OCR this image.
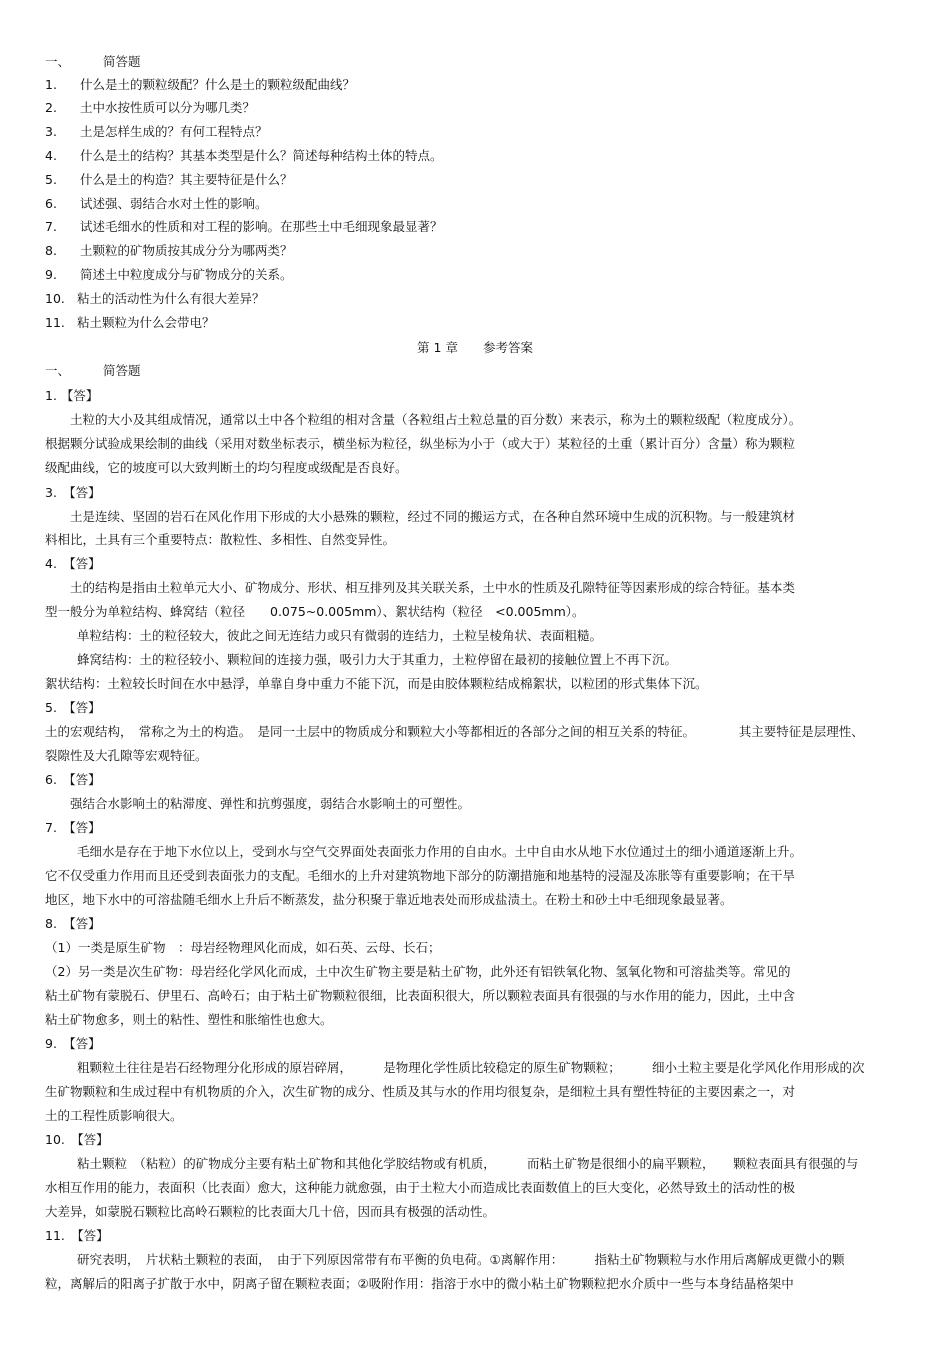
一、	简答题
1. 什么是土的颗粒级配？什么是土的颗粒级配曲线？
2. 土中水按性质可以分为哪几类？
3. 土是怎样生成的？有何工程特点？
4. 什么是土的结构？其基本类型是什么？简述每种结构土体的特点。
5. 什么是土的构造？其主要特征是什么？
6. 试述强、弱结合水对土性的影响。
7. 试述毛细水的性质和对工程的影响。在那些土中毛细现象最显著？
8. 土颗粒的矿物质按其成分分为哪两类？
9. 简述土中粒度成分与矿物成分的关系。
10. 粘土的活动性为什么有很大差异？
11. 粘土颗粒为什么会带电？
第 1 章　　参考答案
一、	简答题
1. 【答】
土粒的大小及其组成情况，通常以土中各个粒组的相对含量（各粒组占土粒总量的百分数）来表示，称为土的颗粒级配（粒度成分）。
根据颗分试验成果绘制的曲线（采用对数坐标表示，横坐标为粒径，纵坐标为小于（或大于）某粒径的土重（累计百分）含量）称为颗粒
级配曲线，它的坡度可以大致判断土的均匀程度或级配是否良好。
3.　【答】
土是连续、坚固的岩石在风化作用下形成的大小悬殊的颗粒，经过不同的搬运方式，在各种自然环境中生成的沉积物。与一般建筑材
料相比，土具有三个重要特点：散粒性、多相性、自然变异性。
4.　【答】
土的结构是指由土粒单元大小、矿物成分、形状、相互排列及其关联关系，土中水的性质及孔隙特征等因素形成的综合特征。基本类
型一般分为单粒结构、蜂窝结（粒径　　0.075~0.005mm）、絮状结构（粒径　<0.005mm）。
单粒结构：土的粒径较大，彼此之间无连结力或只有微弱的连结力，土粒呈棱角状、表面粗糙。
蜂窝结构：土的粒径较小、颗粒间的连接力强，吸引力大于其重力，土粒停留在最初的接触位置上不再下沉。
絮状结构：土粒较长时间在水中悬浮，单靠自身中重力不能下沉，而是由胶体颗粒结成棉絮状，以粒团的形式集体下沉。
5.　【答】
土的宏观结构，　常称之为土的构造。　是同一土层中的物质成分和颗粒大小等都相近的各部分之间的相互关系的特征。　　　　其主要特征是层理性、
裂隙性及大孔隙等宏观特征。
6.　【答】
强结合水影响土的粘滞度、弹性和抗剪强度，弱结合水影响土的可塑性。
7.　【答】
毛细水是存在于地下水位以上，受到水与空气交界面处表面张力作用的自由水。土中自由水从地下水位通过土的细小通道逐渐上升。
它不仅受重力作用而且还受到表面张力的支配。毛细水的上升对建筑物地下部分的防潮措施和地基特的浸湿及冻胀等有重要影响；在干旱
地区，地下水中的可溶盐随毛细水上升后不断蒸发，盐分积聚于靠近地表处而形成盐渍土。在粉土和砂土中毛细现象最显著。
8.　【答】
（1）一类是原生矿物　：母岩经物理风化而成，如石英、云母、长石；
（2）另一类是次生矿物：母岩经化学风化而成，土中次生矿物主要是粘土矿物，此外还有铝铁氧化物、氢氧化物和可溶盐类等。常见的
粘土矿物有蒙脱石、伊里石、高岭石；由于粘土矿物颗粒很细，比表面积很大，所以颗粒表面具有很强的与水作用的能力，因此，土中含
粘土矿物愈多，则土的粘性、塑性和胀缩性也愈大。
9.　【答】
粗颗粒土往往是岩石经物理分化形成的原岩碎屑，　　　是物理化学性质比较稳定的原生矿物颗粒；　　　细小土粒主要是化学风化作用形成的次
生矿物颗粒和生成过程中有机物质的介入，次生矿物的成分、性质及其与水的作用均很复杂，是细粒土具有塑性特征的主要因素之一，对
土的工程性质影响很大。
10.　【答】
粘土颗粒　（粘粒）的矿物成分主要有粘土矿物和其他化学胶结物或有机质，　　　而粘土矿物是很细小的扁平颗粒，　　颗粒表面具有很强的与
水相互作用的能力，表面积（比表面）愈大，这种能力就愈强，由于土粒大小而造成比表面数值上的巨大变化，必然导致土的活动性的极
大差异，如蒙脱石颗粒比高岭石颗粒的比表面大几十倍，因而具有极强的活动性。
11.　【答】
研究表明，　片状粘土颗粒的表面，　由于下列原因常带有布平衡的负电荷。①离解作用：　　　指粘土矿物颗粒与水作用后离解成更微小的颗
粒，离解后的阳离子扩散于水中，阴离子留在颗粒表面；②吸附作用：指溶于水中的微小粘土矿物颗粒把水介质中一些与本身结晶格架中
